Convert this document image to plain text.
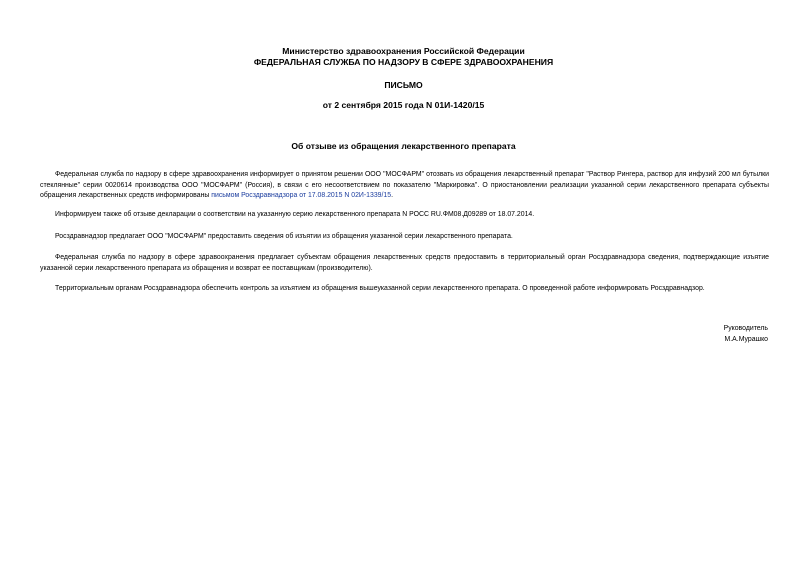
Министерство здравоохранения Российской Федерации
ФЕДЕРАЛЬНАЯ СЛУЖБА ПО НАДЗОРУ В СФЕРЕ ЗДРАВООХРАНЕНИЯ
ПИСЬМО
от 2 сентября 2015 года N 01И-1420/15
Об отзыве из обращения лекарственного препарата

Федеральная служба по надзору в сфере здравоохранения информирует о принятом решении ООО "МОСФАРМ" отозвать из обращения лекарственный препарат "Раствор Рингера, раствор для инфузий 200 мл бутылки стеклянные" серии 0020614 производства ООО "МОСФАРМ" (Россия), в связи с его несоответствием по показателю "Маркировка". О приостановлении реализации указанной серии лекарственного препарата субъекты обращения лекарственных средств информированы письмом Росздравнадзора от 17.08.2015 N 02И-1339/15.

Информируем также об отзыве декларации о соответствии на указанную серию лекарственного препарата N РОСС RU.ФМ08.Д09289 от 18.07.2014.

Росздравнадзор предлагает ООО "МОСФАРМ" предоставить сведения об изъятии из обращения указанной серии лекарственного препарата.

Федеральная служба по надзору в сфере здравоохранения предлагает субъектам обращения лекарственных средств предоставить в территориальный орган Росздравнадзора сведения, подтверждающие изъятие указанной серии лекарственного препарата из обращения и возврат ее поставщикам (производителю).

Территориальным органам Росздравнадзора обеспечить контроль за изъятием из обращения вышеуказанной серии лекарственного препарата. О проведенной работе информировать Росздравнадзор.

Руководитель
М.А.Мурашко
